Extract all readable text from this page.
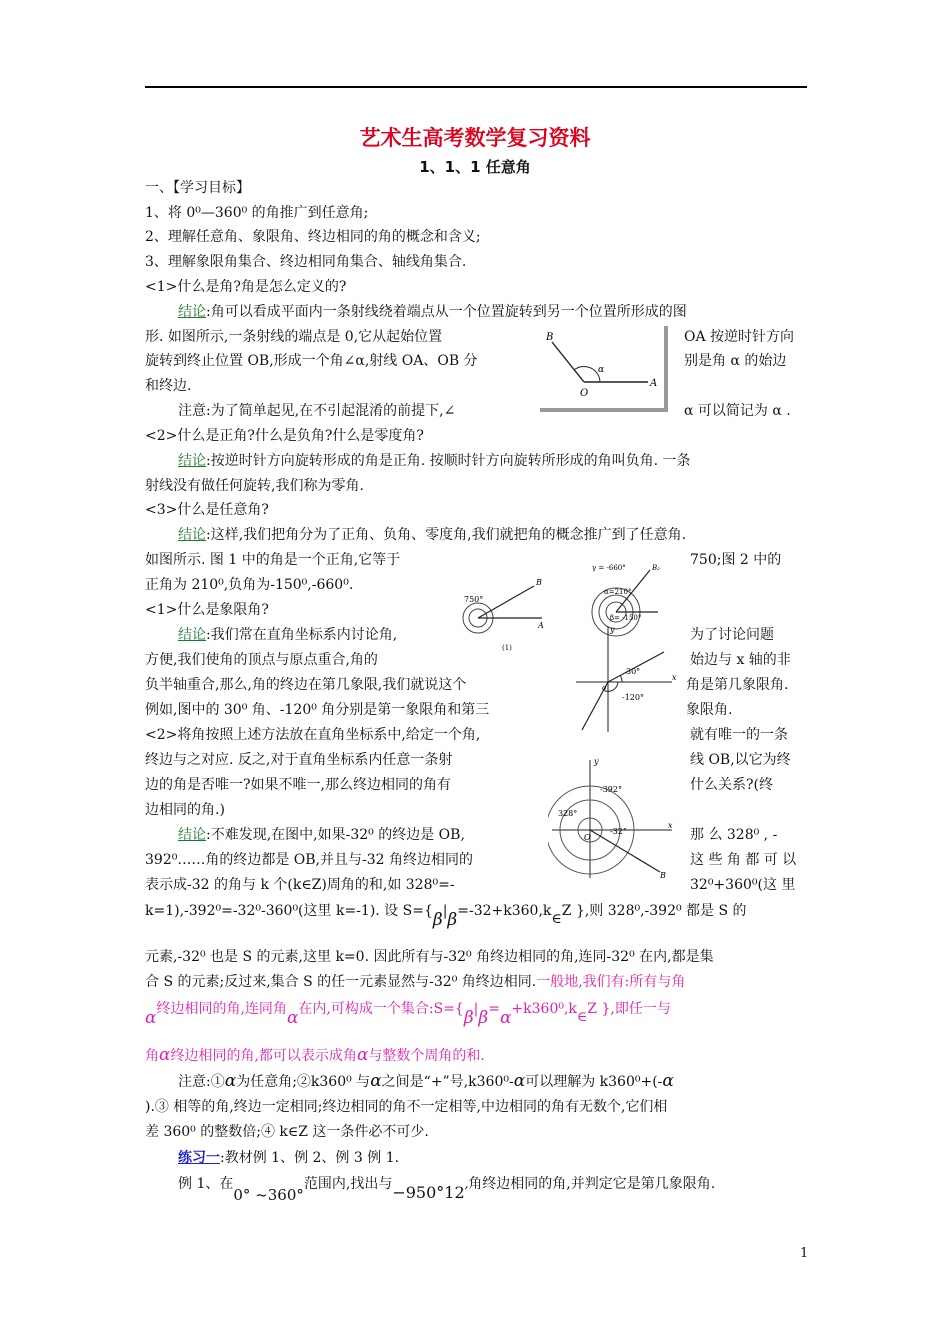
艺术生高考数学复习资料
1、1、1 任意角
一、【学习目标】
1、将 0⁰—360⁰ 的角推广到任意角;
2、理解任意角、象限角、终边相同的角的概念和含义;
3、理解象限角集合、终边相同角集合、轴线角集合.
<1>什么是角?角是怎么定义的?
结论:角可以看成平面内一条射线绕着端点从一个位置旋转到另一个位置所形成的图
形. 如图所示,一条射线的端点是 0,它从起始位置	OA 按逆时针方向
旋转到终止位置 OB,形成一个角∠α,射线 OA、OB 分	别是角 α 的始边
和终边.
注意:为了简单起见,在不引起混淆的前提下,∠	α 可以简记为 α .
B
O
A
α
<2>什么是正角?什么是负角?什么是零度角?
结论:按逆时针方向旋转形成的角是正角. 按顺时针方向旋转所形成的角叫负角. 一条
射线没有做任何旋转,我们称为零角.
<3>什么是任意角?
结论:这样,我们把角分为了正角、负角、零度角,我们就把角的概念推广到了任意角.
如图所示. 图 1 中的角是一个正角,它等于	750;图 2 中的
正角为 210⁰,负角为-150⁰,-660⁰.
750°
B
A
(1)
γ = -660°	B₂
α=210°
β= -150°
<1>什么是象限角?
结论:我们常在直角坐标系内讨论角,	为了讨论问题
方便,我们使角的顶点与原点重合,角的	始边与 x 轴的非
负半轴重合,那么,角的终边在第几象限,我们就说这个	角是第几象限角.
例如,图中的 30⁰ 角、-120⁰ 角分别是第一象限角和第三	象限角.
y
x
o
30°
-120°
<2>将角按照上述方法放在直角坐标系中,给定一个角,	就有唯一的一条
终边与之对应. 反之,对于直角坐标系内任意一条射	线 OB,以它为终
边的角是否唯一?如果不唯一,那么终边相同的角有	什么关系?(终
边相同的角.)
y
x
O
B
-392°
328°
-32°
结论:不难发现,在图中,如果-32⁰ 的终边是 OB,	那 么 328⁰ , -
392⁰……角的终边都是 OB,并且与-32 角终边相同的	这 些 角 都 可 以
表示成-32 的角与 k 个(k∈Z)周角的和,如 328⁰=-	32⁰+360⁰(这 里
k=1),-392⁰=-32⁰-360⁰(这里 k=-1). 设 S={β|β=-32+k360,k∈Z },则 328⁰,-392⁰ 都是 S 的
元素,-32⁰ 也是 S 的元素,这里 k=0. 因此所有与-32⁰ 角终边相同的角,连同-32⁰ 在内,都是集
合 S 的元素;反过来,集合 S 的任一元素显然与-32⁰ 角终边相同.一般地,我们有:所有与角
α终边相同的角,连同角α在内,可构成一个集合:S={β|β=α+k360⁰,k∈Z },即任一与
角α终边相同的角,都可以表示成角α与整数个周角的和.
注意:①α为任意角;②k360⁰ 与α之间是“+”号,k360⁰-α可以理解为 k360⁰+(-α
).③ 相等的角,终边一定相同;终边相同的角不一定相等,中边相同的角有无数个,它们相
差 360⁰ 的整数倍;④ k∈Z 这一条件必不可少.
练习一:教材例 1、例 2、例 3 例 1.
例 1、在0° ~360°范围内,找出与−950°12′角终边相同的角,并判定它是第几象限角.
1
